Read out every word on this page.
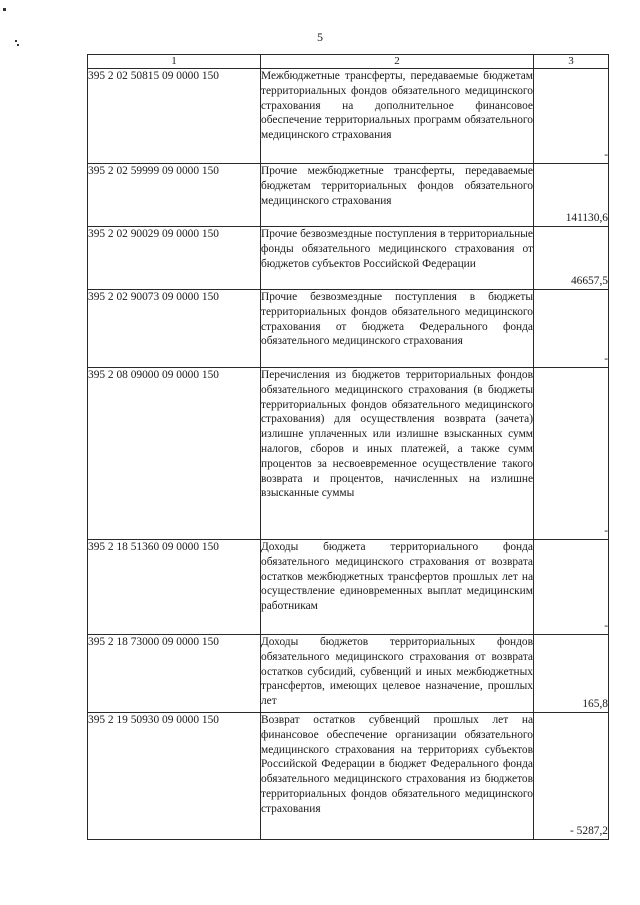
5
1	2	3
395 2 02 50815 09 0000 150	Межбюджетные трансферты, передаваемые бюджетам территориальных фондов обязательного медицинского страхования на дополнительное финансовое обеспечение территориальных программ обязательного медицинского страхования	-
395 2 02 59999 09 0000 150	Прочие межбюджетные трансферты, передаваемые бюджетам территориальных фондов обязательного медицинского страхования	141130,6
395 2 02 90029 09 0000 150	Прочие безвозмездные поступления в территориальные фонды обязательного медицинского страхования от бюджетов субъектов Российской Федерации	46657,5
395 2 02 90073 09 0000 150	Прочие безвозмездные поступления в бюджеты территориальных фондов обязательного медицинского страхования от бюджета Федерального фонда обязательного медицинского страхования	-
395 2 08 09000 09 0000 150	Перечисления из бюджетов территориальных фондов обязательного медицинского страхования (в бюджеты территориальных фондов обязательного медицинского страхования) для осуществления возврата (зачета) излишне уплаченных или излишне взысканных сумм налогов, сборов и иных платежей, а также сумм процентов за несвоевременное осуществление такого возврата и процентов, начисленных на излишне взысканные суммы	-
395 2 18 51360 09 0000 150	Доходы бюджета территориального фонда обязательного медицинского страхования от возврата остатков межбюджетных трансфертов прошлых лет на осуществление единовременных выплат медицинским работникам	-
395 2 18 73000 09 0000 150	Доходы бюджетов территориальных фондов обязательного медицинского страхования от возврата остатков субсидий, субвенций и иных межбюджетных трансфертов, имеющих целевое назначение, прошлых лет	165,8
395 2 19 50930 09 0000 150	Возврат остатков субвенций прошлых лет на финансовое обеспечение организации обязательного медицинского страхования на территориях субъектов Российской Федерации в бюджет Федерального фонда обязательного медицинского страхования из бюджетов территориальных фондов обязательного медицинского страхования	- 5287,2
